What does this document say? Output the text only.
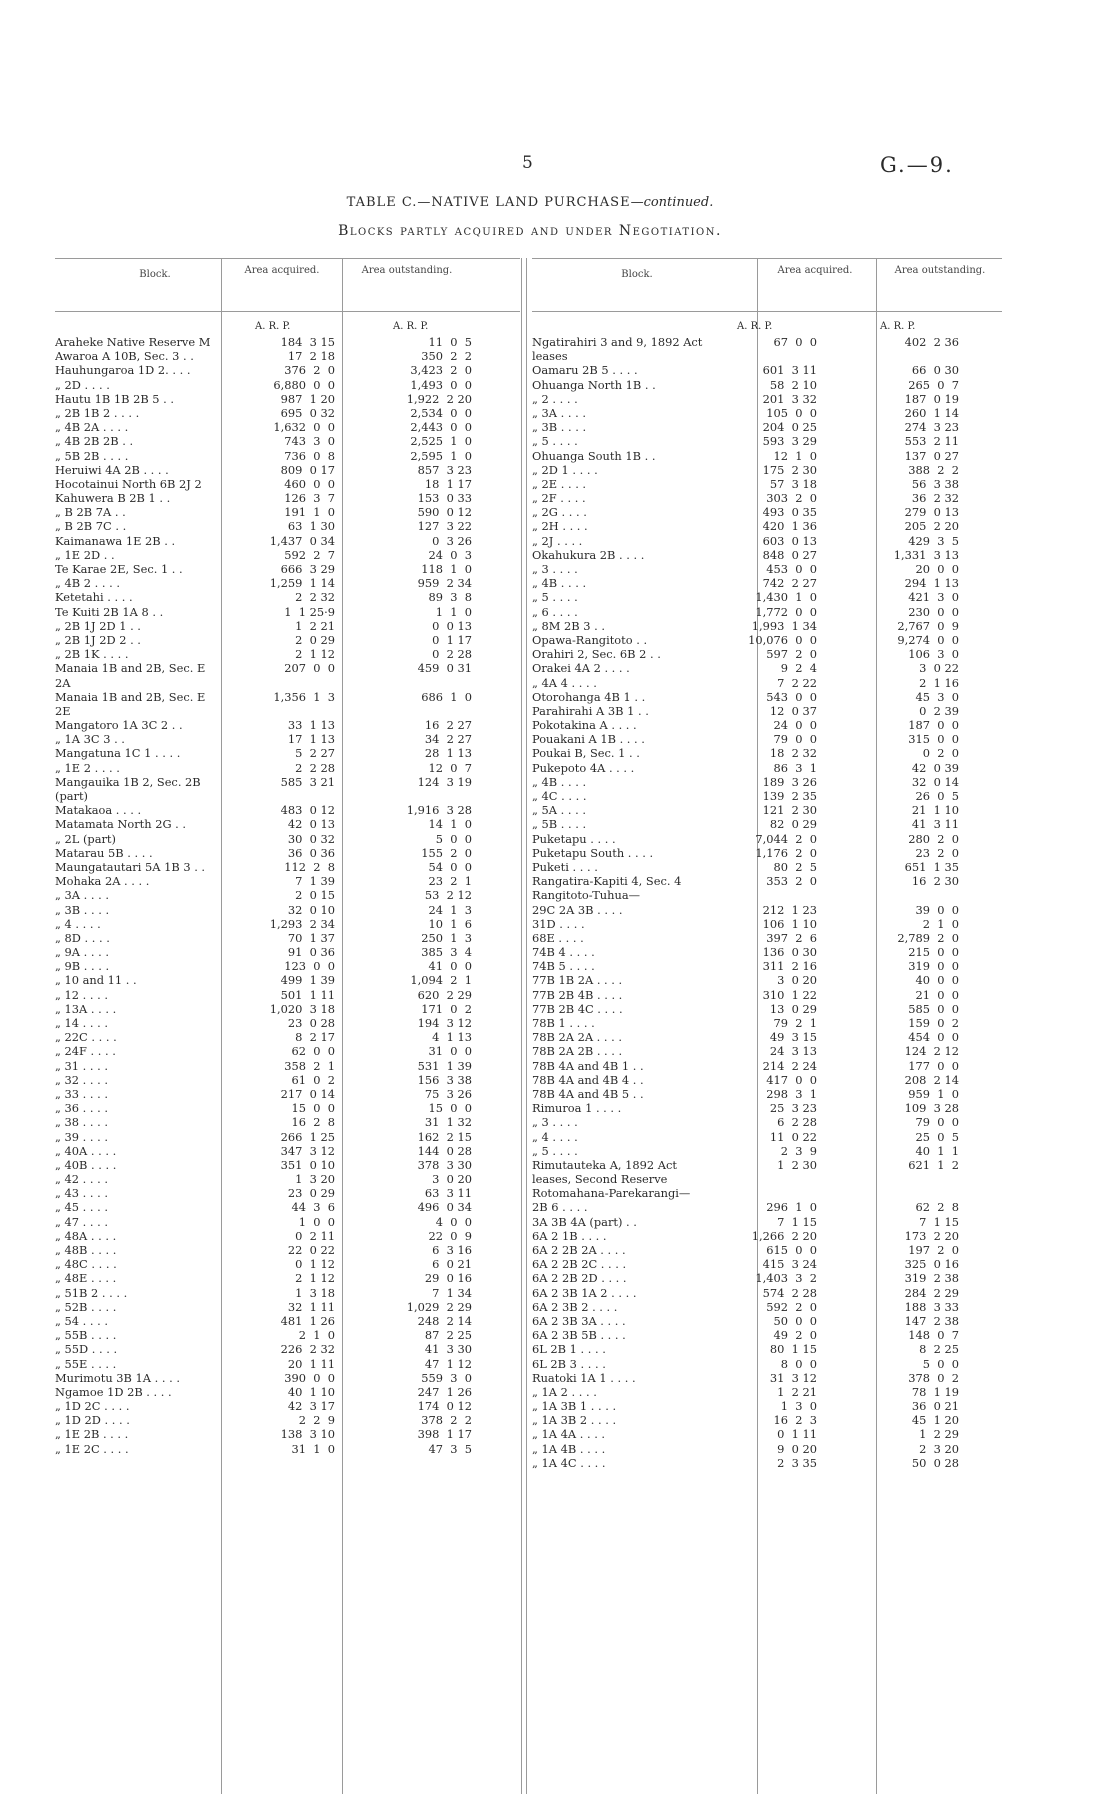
5	G.—9.
TABLE C.—NATIVE LAND PURCHASE—continued.
Blocks partly acquired and under Negotiation.
Block.	Area acquired.	Area outstanding.
A. R. P.	A. R. P.
Araheke Native Reserve M	184  3 15	11  0  5
Awaroa A 10B, Sec. 3 . .	17  2 18	350  2  2
Hauhungaroa 1D 2. . . .	376  2  0	3,423  2  0
„ 2D . . . .	6,880  0  0	1,493  0  0
Hautu 1B 1B 2B 5 . .	987  1 20	1,922  2 20
„ 2B 1B 2 . . . .	695  0 32	2,534  0  0
„ 4B 2A . . . .	1,632  0  0	2,443  0  0
„ 4B 2B 2B . .	743  3  0	2,525  1  0
„ 5B 2B . . . .	736  0  8	2,595  1  0
Heruiwi 4A 2B . . . .	809  0 17	857  3 23
Hocotainui North 6B 2J 2	460  0  0	18  1 17
Kahuwera B 2B 1 . .	126  3  7	153  0 33
„ B 2B 7A . .	191  1  0	590  0 12
„ B 2B 7C . .	63  1 30	127  3 22
Kaimanawa 1E 2B . .	1,437  0 34	0  3 26
„ 1E 2D . .	592  2  7	24  0  3
Te Karae 2E, Sec. 1 . .	666  3 29	118  1  0
„ 4B 2 . . . .	1,259  1 14	959  2 34
Ketetahi . . . .	2  2 32	89  3  8
Te Kuiti 2B 1A 8 . .	1  1 25·9	1  1  0
„ 2B 1J 2D 1 . .	1  2 21	0  0 13
„ 2B 1J 2D 2 . .	2  0 29	0  1 17
„ 2B 1K . . . .	2  1 12	0  2 28
Manaia 1B and 2B, Sec. E	207  0  0	459  0 31
2A
Manaia 1B and 2B, Sec. E	1,356  1  3	686  1  0
2E
Mangatoro 1A 3C 2 . .	33  1 13	16  2 27
„ 1A 3C 3 . .	17  1 13	34  2 27
Mangatuna 1C 1 . . . .	5  2 27	28  1 13
„ 1E 2 . . . .	2  2 28	12  0  7
Mangauika 1B 2, Sec. 2B	585  3 21	124  3 19
(part)
Matakaoa . . . .	483  0 12	1,916  3 28
Matamata North 2G . .	42  0 13	14  1  0
„ 2L (part)	30  0 32	5  0  0
Matarau 5B . . . .	36  0 36	155  2  0
Maungatautari 5A 1B 3 . .	112  2  8	54  0  0
Mohaka 2A . . . .	7  1 39	23  2  1
„ 3A . . . .	2  0 15	53  2 12
„ 3B . . . .	32  0 10	24  1  3
„ 4 . . . .	1,293  2 34	10  1  6
„ 8D . . . .	70  1 37	250  1  3
„ 9A . . . .	91  0 36	385  3  4
„ 9B . . . .	123  0  0	41  0  0
„ 10 and 11 . .	499  1 39	1,094  2  1
„ 12 . . . .	501  1 11	620  2 29
„ 13A . . . .	1,020  3 18	171  0  2
„ 14 . . . .	23  0 28	194  3 12
„ 22C . . . .	8  2 17	4  1 13
„ 24F . . . .	62  0  0	31  0  0
„ 31 . . . .	358  2  1	531  1 39
„ 32 . . . .	61  0  2	156  3 38
„ 33 . . . .	217  0 14	75  3 26
„ 36 . . . .	15  0  0	15  0  0
„ 38 . . . .	16  2  8	31  1 32
„ 39 . . . .	266  1 25	162  2 15
„ 40A . . . .	347  3 12	144  0 28
„ 40B . . . .	351  0 10	378  3 30
„ 42 . . . .	1  3 20	3  0 20
„ 43 . . . .	23  0 29	63  3 11
„ 45 . . . .	44  3  6	496  0 34
„ 47 . . . .	1  0  0	4  0  0
„ 48A . . . .	0  2 11	22  0  9
„ 48B . . . .	22  0 22	6  3 16
„ 48C . . . .	0  1 12	6  0 21
„ 48E . . . .	2  1 12	29  0 16
„ 51B 2 . . . .	1  3 18	7  1 34
„ 52B . . . .	32  1 11	1,029  2 29
„ 54 . . . .	481  1 26	248  2 14
„ 55B . . . .	2  1  0	87  2 25
„ 55D . . . .	226  2 32	41  3 30
„ 55E . . . .	20  1 11	47  1 12
Murimotu 3B 1A . . . .	390  0  0	559  3  0
Ngamoe 1D 2B . . . .	40  1 10	247  1 26
„ 1D 2C . . . .	42  3 17	174  0 12
„ 1D 2D . . . .	2  2  9	378  2  2
„ 1E 2B . . . .	138  3 10	398  1 17
„ 1E 2C . . . .	31  1  0	47  3  5
Block.	Area acquired.	Area outstanding.
A. R. P.	A. R. P.
Ngatirahiri 3 and 9, 1892 Act	67  0  0	402  2 36
leases
Oamaru 2B 5 . . . .	601  3 11	66  0 30
Ohuanga North 1B . .	58  2 10	265  0  7
„ 2 . . . .	201  3 32	187  0 19
„ 3A . . . .	105  0  0	260  1 14
„ 3B . . . .	204  0 25	274  3 23
„ 5 . . . .	593  3 29	553  2 11
Ohuanga South 1B . .	12  1  0	137  0 27
„ 2D 1 . . . .	175  2 30	388  2  2
„ 2E . . . .	57  3 18	56  3 38
„ 2F . . . .	303  2  0	36  2 32
„ 2G . . . .	493  0 35	279  0 13
„ 2H . . . .	420  1 36	205  2 20
„ 2J . . . .	603  0 13	429  3  5
Okahukura 2B . . . .	848  0 27	1,331  3 13
„ 3 . . . .	453  0  0	20  0  0
„ 4B . . . .	742  2 27	294  1 13
„ 5 . . . .	1,430  1  0	421  3  0
„ 6 . . . .	1,772  0  0	230  0  0
„ 8M 2B 3 . .	1,993  1 34	2,767  0  9
Opawa-Rangitoto . .	10,076  0  0	9,274  0  0
Orahiri 2, Sec. 6B 2 . .	597  2  0	106  3  0
Orakei 4A 2 . . . .	9  2  4	3  0 22
„ 4A 4 . . . .	7  2 22	2  1 16
Otorohanga 4B 1 . .	543  0  0	45  3  0
Parahirahi A 3B 1 . .	12  0 37	0  2 39
Pokotakina A . . . .	24  0  0	187  0  0
Pouakani A 1B . . . .	79  0  0	315  0  0
Poukai B, Sec. 1 . .	18  2 32	0  2  0
Pukepoto 4A . . . .	86  3  1	42  0 39
„ 4B . . . .	189  3 26	32  0 14
„ 4C . . . .	139  2 35	26  0  5
„ 5A . . . .	121  2 30	21  1 10
„ 5B . . . .	82  0 29	41  3 11
Puketapu . . . .	7,044  2  0	280  2  0
Puketapu South . . . .	1,176  2  0	23  2  0
Puketi . . . .	80  2  5	651  1 35
Rangatira-Kapiti 4, Sec. 4	353  2  0	16  2 30
Rangitoto-Tuhua—
29C 2A 3B . . . .	212  1 23	39  0  0
31D . . . .	106  1 10	2  1  0
68E . . . .	397  2  6	2,789  2  0
74B 4 . . . .	136  0 30	215  0  0
74B 5 . . . .	311  2 16	319  0  0
77B 1B 2A . . . .	3  0 20	40  0  0
77B 2B 4B . . . .	310  1 22	21  0  0
77B 2B 4C . . . .	13  0 29	585  0  0
78B 1 . . . .	79  2  1	159  0  2
78B 2A 2A . . . .	49  3 15	454  0  0
78B 2A 2B . . . .	24  3 13	124  2 12
78B 4A and 4B 1 . .	214  2 24	177  0  0
78B 4A and 4B 4 . .	417  0  0	208  2 14
78B 4A and 4B 5 . .	298  3  1	959  1  0
Rimuroa 1 . . . .	25  3 23	109  3 28
„ 3 . . . .	6  2 28	79  0  0
„ 4 . . . .	11  0 22	25  0  5
„ 5 . . . .	2  3  9	40  1  1
Rimutauteka A, 1892 Act	1  2 30	621  1  2
leases, Second Reserve
Rotomahana-Parekarangi—
2B 6 . . . .	296  1  0	62  2  8
3A 3B 4A (part) . .	7  1 15	7  1 15
6A 2 1B . . . .	1,266  2 20	173  2 20
6A 2 2B 2A . . . .	615  0  0	197  2  0
6A 2 2B 2C . . . .	415  3 24	325  0 16
6A 2 2B 2D . . . .	1,403  3  2	319  2 38
6A 2 3B 1A 2 . . . .	574  2 28	284  2 29
6A 2 3B 2 . . . .	592  2  0	188  3 33
6A 2 3B 3A . . . .	50  0  0	147  2 38
6A 2 3B 5B . . . .	49  2  0	148  0  7
6L 2B 1 . . . .	80  1 15	8  2 25
6L 2B 3 . . . .	8  0  0	5  0  0
Ruatoki 1A 1 . . . .	31  3 12	378  0  2
„ 1A 2 . . . .	1  2 21	78  1 19
„ 1A 3B 1 . . . .	1  3  0	36  0 21
„ 1A 3B 2 . . . .	16  2  3	45  1 20
„ 1A 4A . . . .	0  1 11	1  2 29
„ 1A 4B . . . .	9  0 20	2  3 20
„ 1A 4C . . . .	2  3 35	50  0 28
